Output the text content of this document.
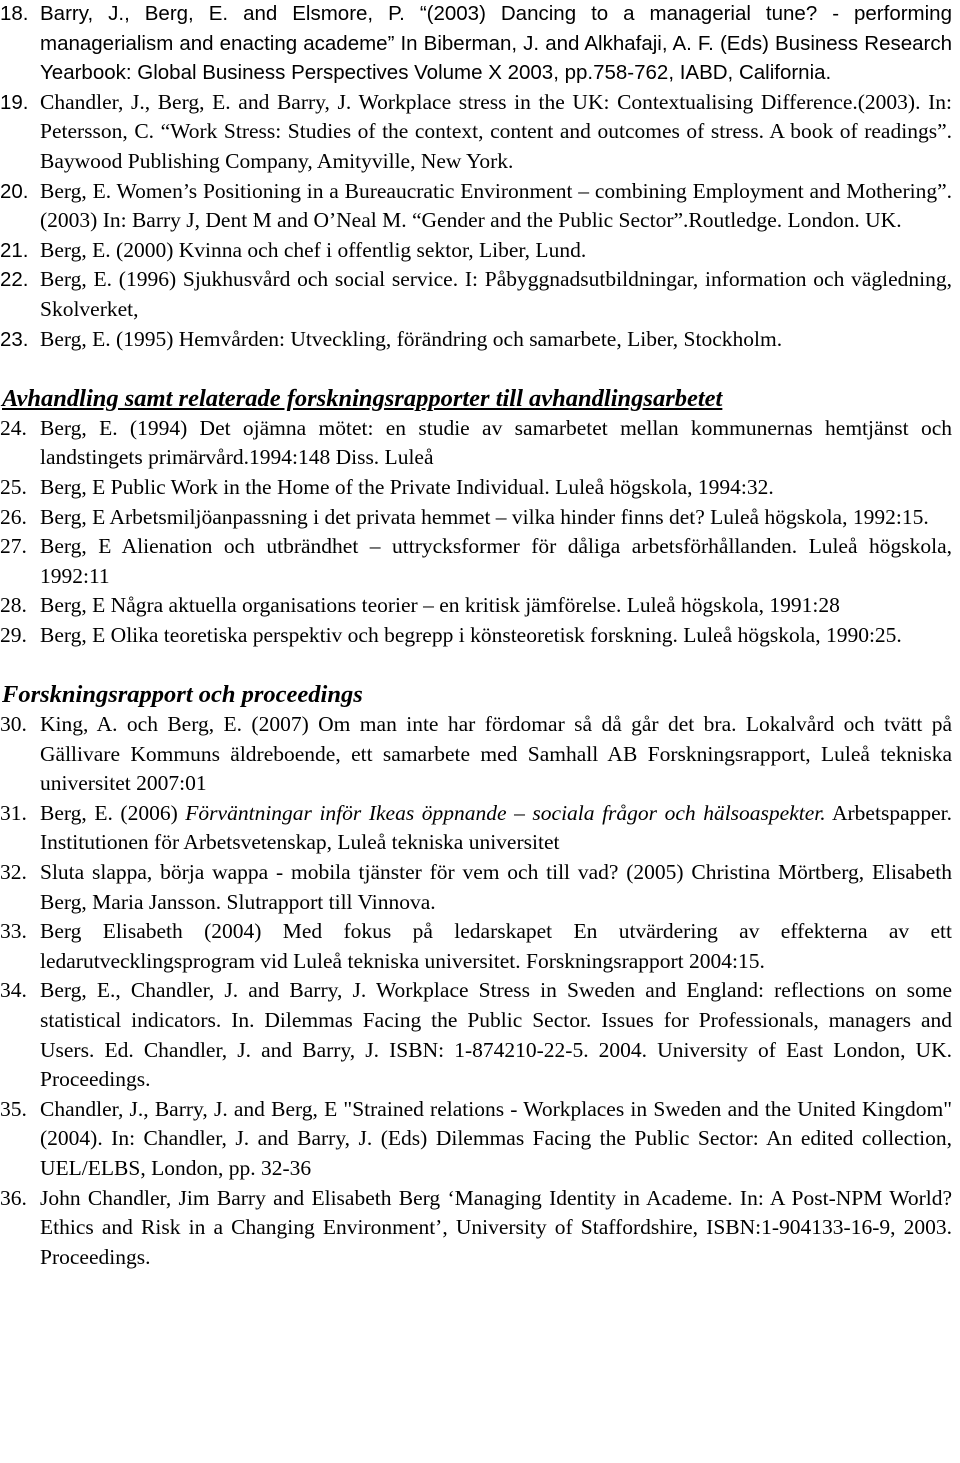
18. Barry, J., Berg, E. and Elsmore, P. “(2003) Dancing to a managerial tune? - performing managerialism and enacting academe” In Biberman, J. and Alkhafaji, A. F. (Eds) Business Research Yearbook: Global Business Perspectives Volume X 2003, pp.758-762, IABD, California.
19. Chandler, J., Berg, E. and Barry, J. Workplace stress in the UK: Contextualising Difference.(2003). In: Petersson, C. “Work Stress: Studies of the context, content and outcomes of stress. A book of readings”. Baywood Publishing Company, Amityville, New York.
20. Berg, E. Women’s Positioning in a Bureaucratic Environment – combining Employment and Mothering”. (2003) In: Barry J, Dent M and O’Neal M. “Gender and the Public Sector”.Routledge. London. UK.
21. Berg, E. (2000) Kvinna och chef i offentlig sektor, Liber, Lund.
22. Berg, E. (1996) Sjukhusvård och social service. I: Påbyggnadsutbildningar, information och vägledning, Skolverket,
23. Berg, E. (1995) Hemvården: Utveckling, förändring och samarbete, Liber, Stockholm.
Avhandling samt relaterade forskningsrapporter till avhandlingsarbetet
24. Berg, E. (1994) Det ojämna mötet: en studie av samarbetet mellan kommunernas hemtjänst och landstingets primärvård.1994:148 Diss. Luleå
25. Berg, E Public Work in the Home of the Private Individual. Luleå högskola, 1994:32.
26. Berg, E Arbetsmiljöanpassning i det privata hemmet – vilka hinder finns det? Luleå högskola, 1992:15.
27. Berg, E Alienation och utbrändhet – uttrycksformer för dåliga arbetsförhållanden. Luleå högskola, 1992:11
28. Berg, E Några aktuella organisations teorier – en kritisk jämförelse. Luleå högskola, 1991:28
29. Berg, E Olika teoretiska perspektiv och begrepp i könsteoretisk forskning. Luleå högskola, 1990:25.
Forskningsrapport och proceedings
30. King, A. och Berg, E. (2007) Om man inte har fördomar så då går det bra. Lokalvård och tvätt på Gällivare Kommuns äldreboende, ett samarbete med Samhall AB Forskningsrapport, Luleå tekniska universitet 2007:01
31. Berg, E. (2006) Förväntningar inför Ikeas öppnande – sociala frågor och hälsoaspekter. Arbetspapper. Institutionen för Arbetsvetenskap, Luleå tekniska universitet
32. Sluta slappa, börja wappa - mobila tjänster för vem och till vad? (2005) Christina Mörtberg, Elisabeth Berg, Maria Jansson. Slutrapport till Vinnova.
33. Berg Elisabeth (2004) Med fokus på ledarskapet En utvärdering av effekterna av ett ledarutvecklingsprogram vid Luleå tekniska universitet. Forskningsrapport 2004:15.
34. Berg, E., Chandler, J. and Barry, J. Workplace Stress in Sweden and England: reflections on some statistical indicators. In. Dilemmas Facing the Public Sector. Issues for Professionals, managers and Users. Ed. Chandler, J. and Barry, J. ISBN: 1-874210-22-5. 2004. University of East London, UK. Proceedings.
35. Chandler, J., Barry, J. and Berg, E "Strained relations - Workplaces in Sweden and the United Kingdom" (2004). In: Chandler, J. and Barry, J. (Eds) Dilemmas Facing the Public Sector: An edited collection, UEL/ELBS, London, pp. 32-36
36. John Chandler, Jim Barry and Elisabeth Berg ‘Managing Identity in Academe. In: A Post-NPM World? Ethics and Risk in a Changing Environment’, University of Staffordshire, ISBN:1-904133-16-9, 2003. Proceedings.
